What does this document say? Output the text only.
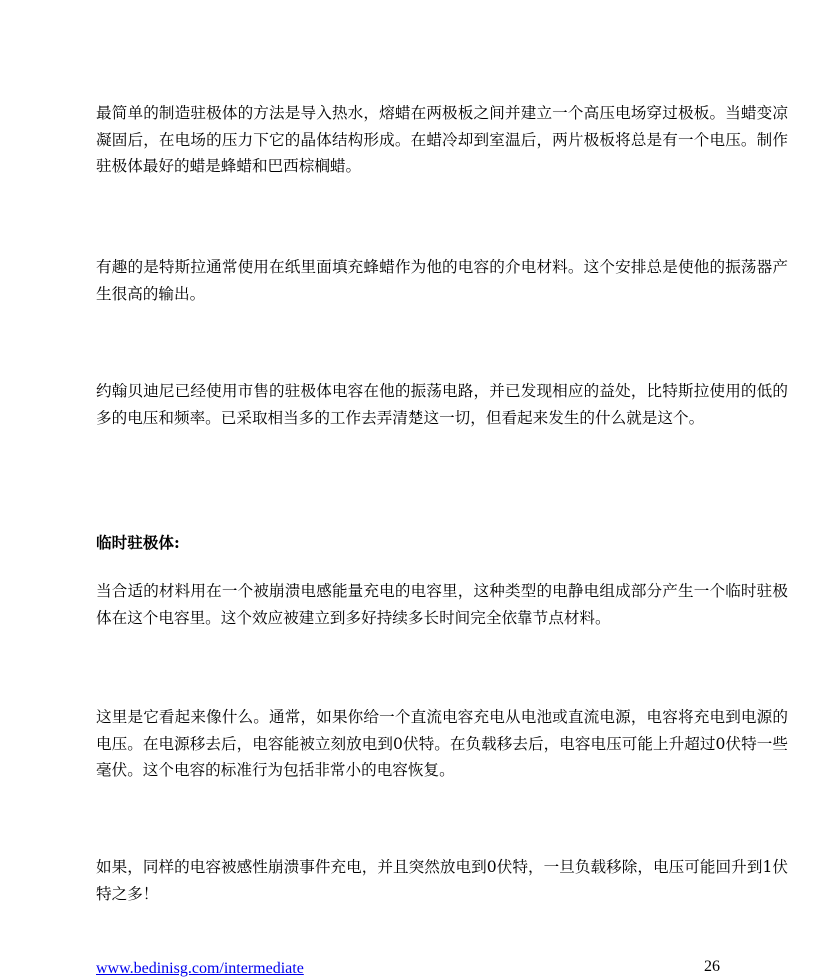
最简单的制造驻极体的方法是导入热水，熔蜡在两极板之间并建立一个高压电场穿过极板。当蜡变凉凝固后，在电场的压力下它的晶体结构形成。在蜡冷却到室温后，两片极板将总是有一个电压。制作驻极体最好的蜡是蜂蜡和巴西棕榈蜡。

有趣的是特斯拉通常使用在纸里面填充蜂蜡作为他的电容的介电材料。这个安排总是使他的振荡器产生很高的输出。

约翰贝迪尼已经使用市售的驻极体电容在他的振荡电路，并已发现相应的益处，比特斯拉使用的低的多的电压和频率。已采取相当多的工作去弄清楚这一切，但看起来发生的什么就是这个。

临时驻极体:

当合适的材料用在一个被崩溃电感能量充电的电容里，这种类型的电静电组成部分产生一个临时驻极体在这个电容里。这个效应被建立到多好持续多长时间完全依靠节点材料。

这里是它看起来像什么。通常，如果你给一个直流电容充电从电池或直流电源，电容将充电到电源的电压。在电源移去后，电容能被立刻放电到0伏特。在负载移去后，电容电压可能上升超过0伏特一些毫伏。这个电容的标准行为包括非常小的电容恢复。

如果，同样的电容被感性崩溃事件充电，并且突然放电到0伏特，一旦负载移除，电压可能回升到1伏特之多！

www.bedinisg.com/intermediate	26
